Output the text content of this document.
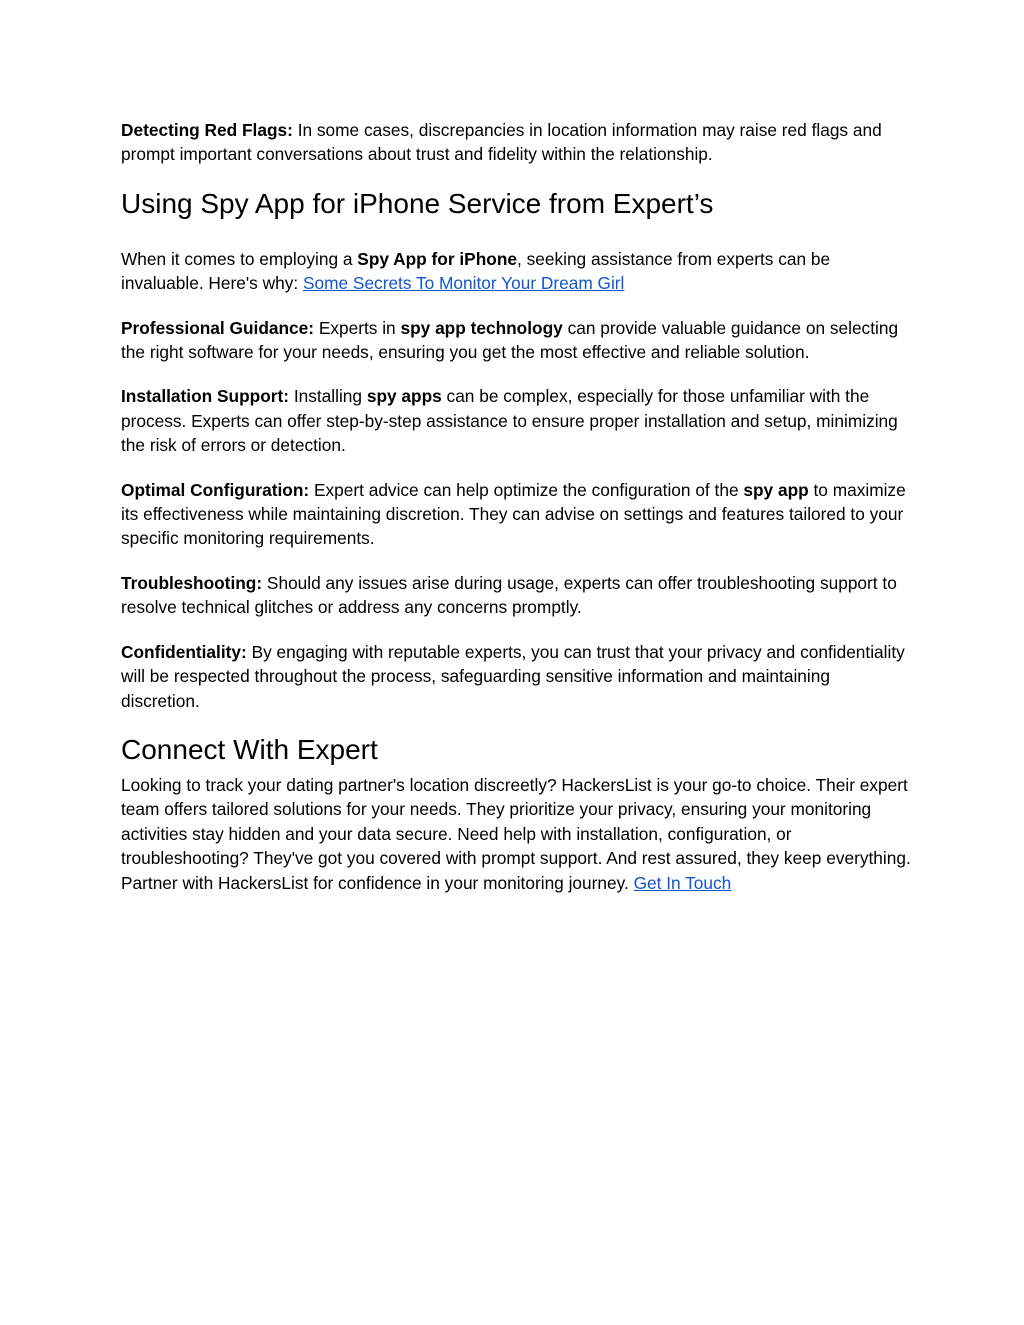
Detecting Red Flags: In some cases, discrepancies in location information may raise red flags and prompt important conversations about trust and fidelity within the relationship.

Using Spy App for iPhone Service from Expert’s

When it comes to employing a Spy App for iPhone, seeking assistance from experts can be invaluable. Here's why: Some Secrets To Monitor Your Dream Girl

Professional Guidance: Experts in spy app technology can provide valuable guidance on selecting the right software for your needs, ensuring you get the most effective and reliable solution.

Installation Support: Installing spy apps can be complex, especially for those unfamiliar with the process. Experts can offer step-by-step assistance to ensure proper installation and setup, minimizing the risk of errors or detection.

Optimal Configuration: Expert advice can help optimize the configuration of the spy app to maximize its effectiveness while maintaining discretion. They can advise on settings and features tailored to your specific monitoring requirements.

Troubleshooting: Should any issues arise during usage, experts can offer troubleshooting support to resolve technical glitches or address any concerns promptly.

Confidentiality: By engaging with reputable experts, you can trust that your privacy and confidentiality will be respected throughout the process, safeguarding sensitive information and maintaining discretion.

Connect With Expert

Looking to track your dating partner's location discreetly? HackersList is your go-to choice. Their expert team offers tailored solutions for your needs. They prioritize your privacy, ensuring your monitoring activities stay hidden and your data secure. Need help with installation, configuration, or troubleshooting? They've got you covered with prompt support. And rest assured, they keep everything. Partner with HackersList for confidence in your monitoring journey. Get In Touch
